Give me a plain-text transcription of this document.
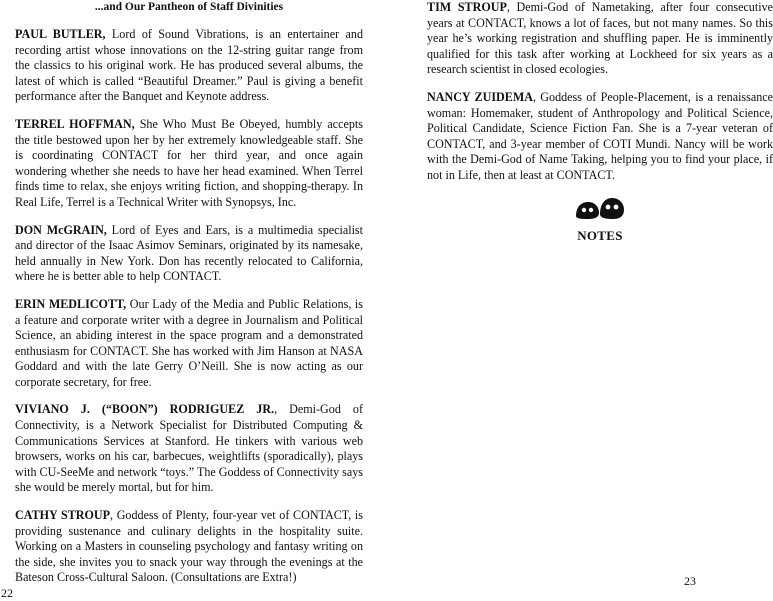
...and Our Pantheon of Staff Divinities

PAUL BUTLER, Lord of Sound Vibrations, is an entertainer and recording artist whose innovations on the 12-string guitar range from the classics to his original work. He has produced several albums, the latest of which is called “Beautiful Dreamer.” Paul is giving a benefit performance after the Banquet and Keynote address.

TERREL HOFFMAN, She Who Must Be Obeyed, humbly accepts the title bestowed upon her by her extremely knowledgeable staff. She is coordinating CONTACT for her third year, and once again wondering whether she needs to have her head examined. When Terrel finds time to relax, she enjoys writing fiction, and shopping-therapy. In Real Life, Terrel is a Technical Writer with Synopsys, Inc.

DON McGRAIN, Lord of Eyes and Ears, is a multimedia specialist and director of the Isaac Asimov Seminars, originated by its namesake, held annually in New York. Don has recently relocated to California, where he is better able to help CONTACT.

ERIN MEDLICOTT, Our Lady of the Media and Public Relations, is a feature and corporate writer with a degree in Journalism and Political Science, an abiding interest in the space program and a demonstrated enthusiasm for CONTACT. She has worked with Jim Hanson at NASA Goddard and with the late Gerry O’Neill. She is now acting as our corporate secretary, for free.

VIVIANO J. (“BOON”) RODRIGUEZ JR., Demi-God of Connectivity, is a Network Specialist for Distributed Computing & Communications Services at Stanford. He tinkers with various web browsers, works on his car, barbecues, weightlifts (sporadically), plays with CU-SeeMe and network “toys.” The Goddess of Connectivity says she would be merely mortal, but for him.

CATHY STROUP, Goddess of Plenty, four-year vet of CONTACT, is providing sustenance and culinary delights in the hospitality suite. Working on a Masters in counseling psychology and fantasy writing on the side, she invites you to snack your way through the evenings at the Bateson Cross-Cultural Saloon. (Consultations are Extra!)

TIM STROUP, Demi-God of Nametaking, after four consecutive years at CONTACT, knows a lot of faces, but not many names. So this year he’s working registration and shuffling paper. He is imminently qualified for this task after working at Lockheed for six years as a research scientist in closed ecologies.

NANCY ZUIDEMA, Goddess of People-Placement, is a renaissance woman: Homemaker, student of Anthropology and Political Science, Political Candidate, Science Fiction Fan. She is a 7-year veteran of CONTACT, and 3-year member of COTI Mundi. Nancy will be work with the Demi-God of Name Taking, helping you to find your place, if not in Life, then at least at CONTACT.

NOTES
22
23
